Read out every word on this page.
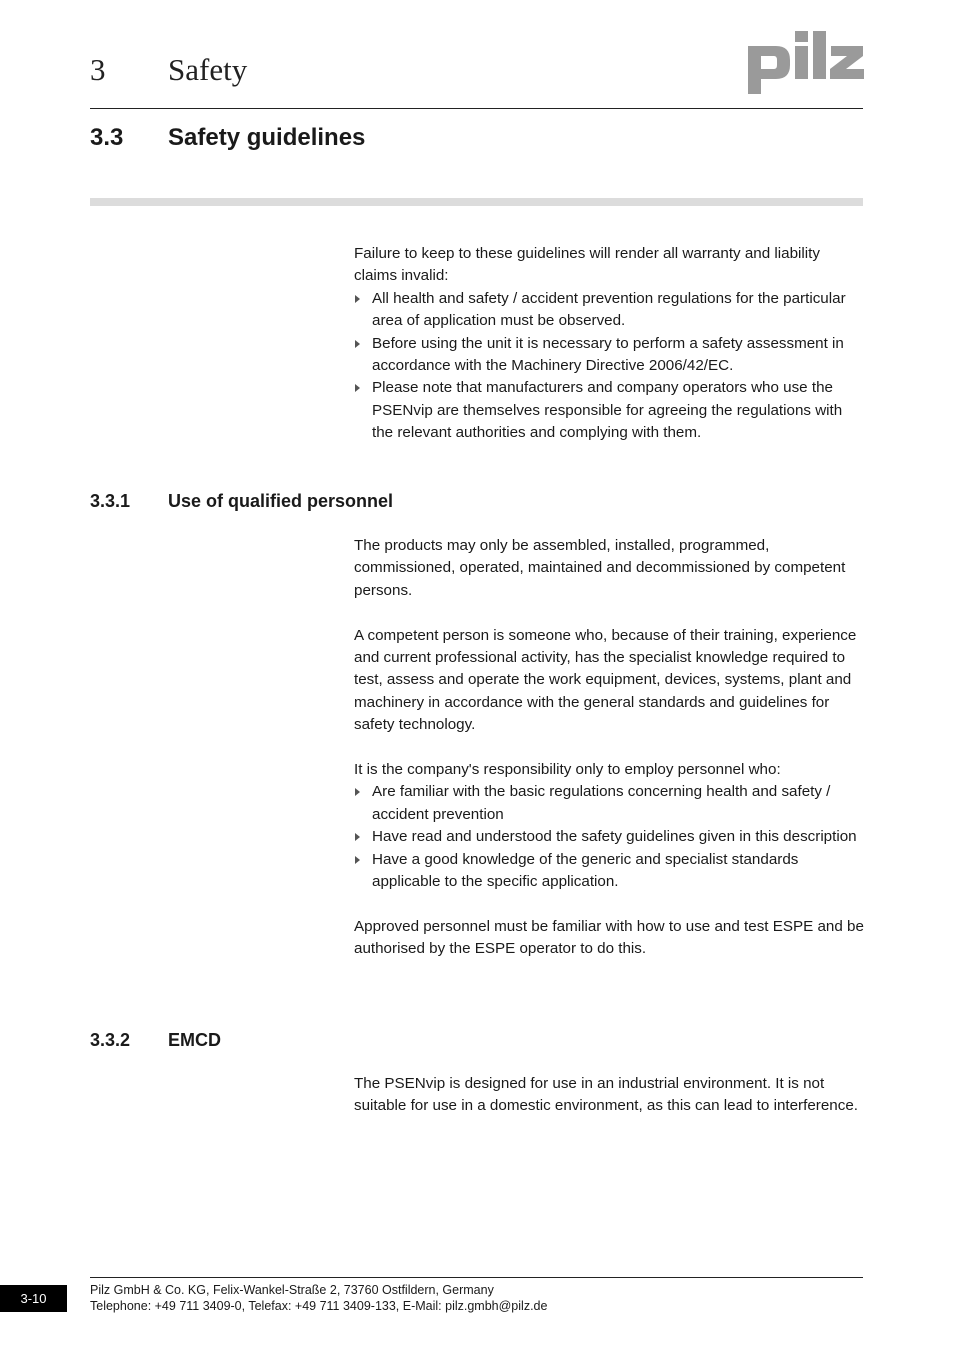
3 Safety
3.3 Safety guidelines

Failure to keep to these guidelines will render all warranty and liability claims invalid:

All health and safety / accident prevention regulations for the particular area of application must be observed.
Before using the unit it is necessary to perform a safety assessment in accordance with the Machinery Directive 2006/42/EC.
Please note that manufacturers and company operators who use the PSENvip are themselves responsible for agreeing the regulations with the relevant authorities and complying with them.
3.3.1 Use of qualified personnel

The products may only be assembled, installed, programmed, commissioned, operated, maintained and decommissioned by competent persons.

A competent person is someone who, because of their training, experience and current professional activity, has the specialist knowledge required to test, assess and operate the work equipment, devices, systems, plant and machinery in accordance with the general standards and guidelines for safety technology.

It is the company's responsibility only to employ personnel who:

Are familiar with the basic regulations concerning health and safety / accident prevention
Have read and understood the safety guidelines given in this description
Have a good knowledge of the generic and specialist standards applicable to the specific application.

Approved personnel must be familiar with how to use and test ESPE and be authorised by the ESPE operator to do this.

3.3.2 EMCD

The PSENvip is designed for use in an industrial environment. It is not suitable for use in a domestic environment, as this can lead to interference.

3-10
Pilz GmbH & Co. KG, Felix-Wankel-Straße 2, 73760 Ostfildern, Germany
Telephone: +49 711 3409-0, Telefax: +49 711 3409-133, E-Mail: pilz.gmbh@pilz.de
